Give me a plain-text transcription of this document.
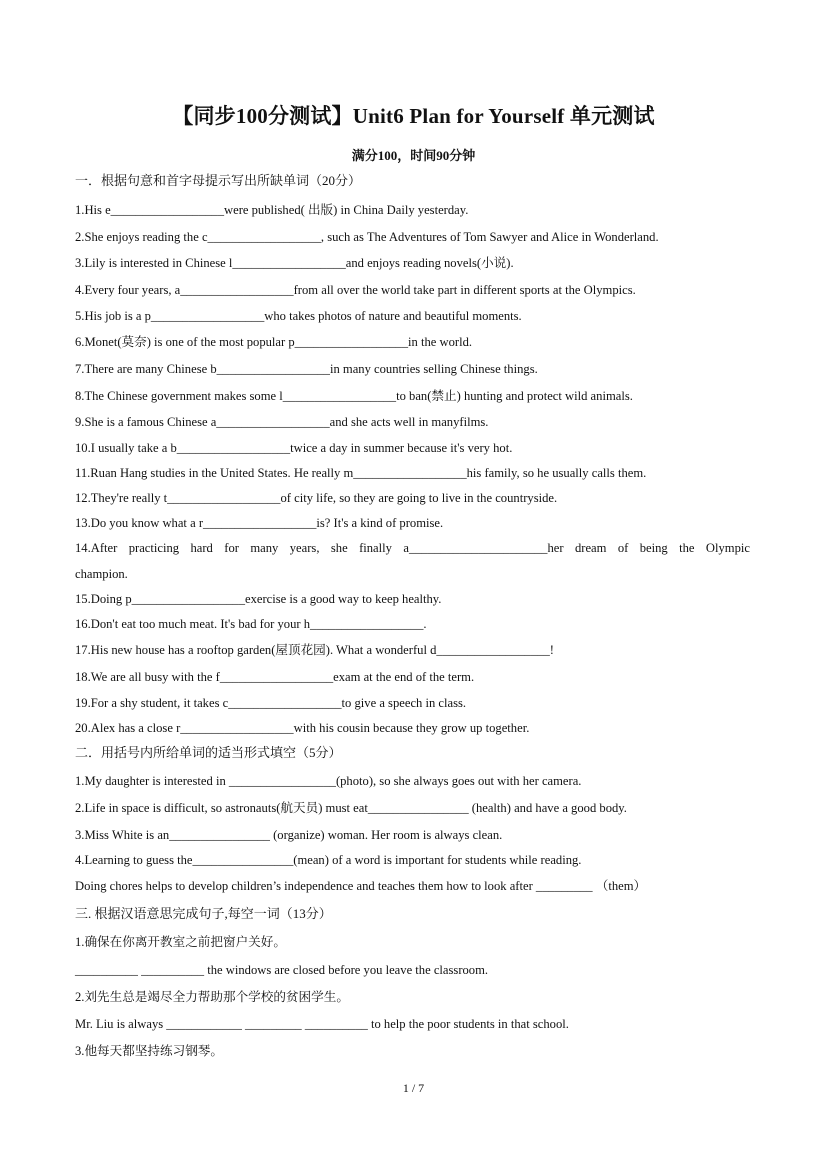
【同步100分测试】Unit6 Plan for Yourself 单元测试
满分100，时间90分钟
一．根据句意和首字母提示写出所缺单词（20分）
1.His e__________________were published( 出版) in China Daily yesterday.
2.She enjoys reading the c__________________, such as The Adventures of Tom Sawyer and Alice in Wonderland.
3.Lily is interested in Chinese l__________________and enjoys reading novels(小说).
4.Every four years, a__________________from all over the world take part in different sports at the Olympics.
5.His job is a p__________________who takes photos of nature and beautiful moments.
6.Monet(莫奈) is one of the most popular p__________________in the world.
7.There are many Chinese b__________________in many countries selling Chinese things.
8.The Chinese government makes some l__________________to ban(禁止) hunting and protect wild animals.
9.She is a famous Chinese a__________________and she acts well in manyfilms.
10.I usually take a b__________________twice a day in summer because it's very hot.
11.Ruan Hang studies in the United States. He really m__________________his family, so he usually calls them.
12.They're really t__________________of city life, so they are going to live in the countryside.
13.Do you know what a r__________________is? It's a kind of promise.
14.After practicing hard for many years, she finally a______________________her dream of being the Olympic
champion.
15.Doing p__________________exercise is a good way to keep healthy.
16.Don't eat too much meat. It's bad for your h__________________.
17.His new house has a rooftop garden(屋顶花园). What a wonderful d__________________!
18.We are all busy with the f__________________exam at the end of the term.
19.For a shy student, it takes c__________________to give a speech in class.
20.Alex has a close r__________________with his cousin because they grow up together.
二．用括号内所给单词的适当形式填空（5分）
1.My daughter is interested in _________________(photo), so she always goes out with her camera.
2.Life in space is difficult, so astronauts(航天员) must eat________________ (health) and have a good body.
3.Miss White is an________________ (organize) woman. Her room is always clean.
4.Learning to guess the________________(mean) of a word is important for students while reading.
Doing chores helps to develop children’s independence and teaches them how to look after _________ （them）
三. 根据汉语意思完成句子,每空一词（13分）
1.确保在你离开教室之前把窗户关好。
__________ __________ the windows are closed before you leave the classroom.
2.刘先生总是竭尽全力帮助那个学校的贫困学生。
Mr. Liu is always ____________ _________ __________ to help the poor students in that school.
3.他每天都坚持练习钢琴。
1 / 7
